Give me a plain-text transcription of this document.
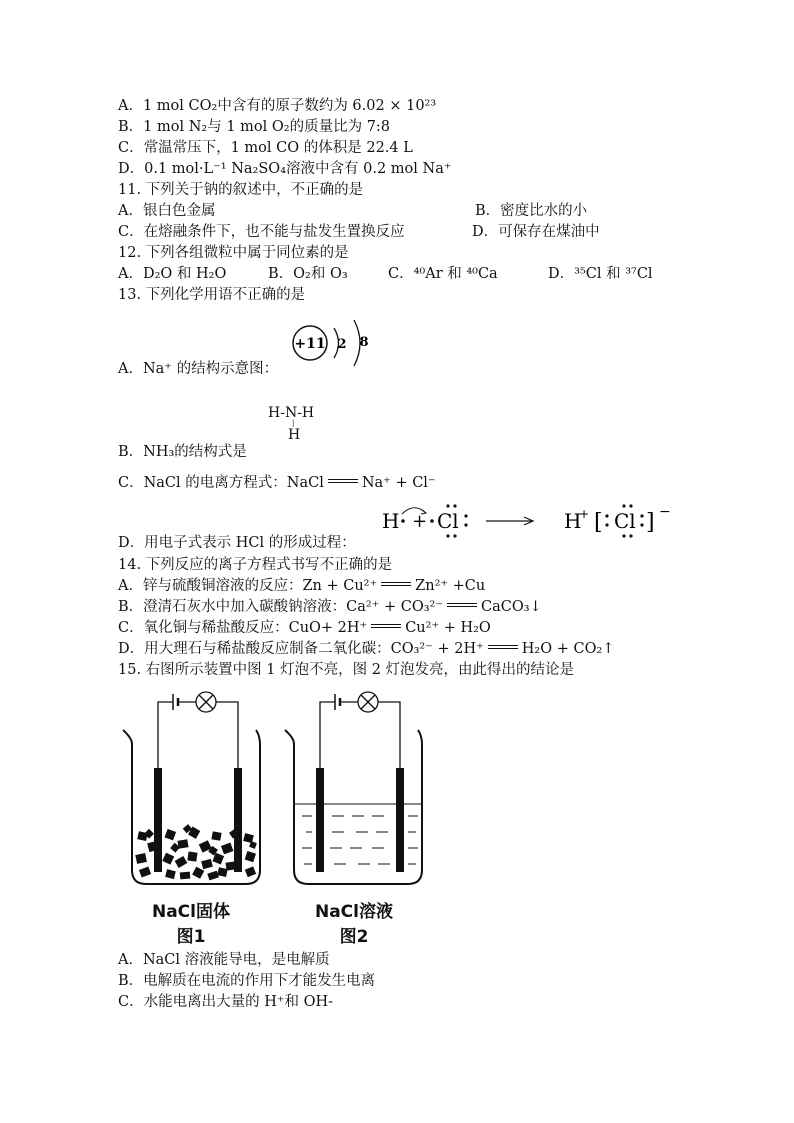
A．1 mol CO₂中含有的原子数约为 6.02 × 10²³
B．1 mol N₂与 1 mol O₂的质量比为 7:8
C．常温常压下，1 mol CO 的体积是 22.4 L
D．0.1 mol·L⁻¹ Na₂SO₄溶液中含有 0.2 mol Na⁺
11. 下列关于钠的叙述中，不正确的是
A．银白色金属	B．密度比水的小
C．在熔融条件下，也不能与盐发生置换反应	D．可保存在煤油中
12. 下列各组微粒中属于同位素的是
A．D₂O 和 H₂O	B．O₂和 O₃	C．⁴⁰Ar 和 ⁴⁰Ca	D．³⁵Cl 和 ³⁷Cl
13. 下列化学用语不正确的是
+11 2 8
A．Na⁺ 的结构示意图：
H-N-H
|
H
B．NH₃的结构式是
C．NaCl 的电离方程式：NaCl	Na⁺ + Cl⁻
H + Cl	H
+ [ Cl ] −
D．用电子式表示 HCl 的形成过程：
14. 下列反应的离子方程式书写不正确的是
A．锌与硫酸铜溶液的反应：Zn + Cu²⁺	Zn²⁺ +Cu
B．澄清石灰水中加入碳酸钠溶液：Ca²⁺ + CO₃²⁻	CaCO₃↓
C．氧化铜与稀盐酸反应：CuO+ 2H⁺	Cu²⁺ + H₂O
D．用大理石与稀盐酸反应制备二氧化碳：CO₃²⁻ + 2H⁺	H₂O + CO₂↑
15. 右图所示装置中图 1 灯泡不亮，图 2 灯泡发亮，由此得出的结论是
NaCl固体
图1
NaCl溶液
图2
A．NaCl 溶液能导电，是电解质
B．电解质在电流的作用下才能发生电离
C．水能电离出大量的 H⁺和 OH-
